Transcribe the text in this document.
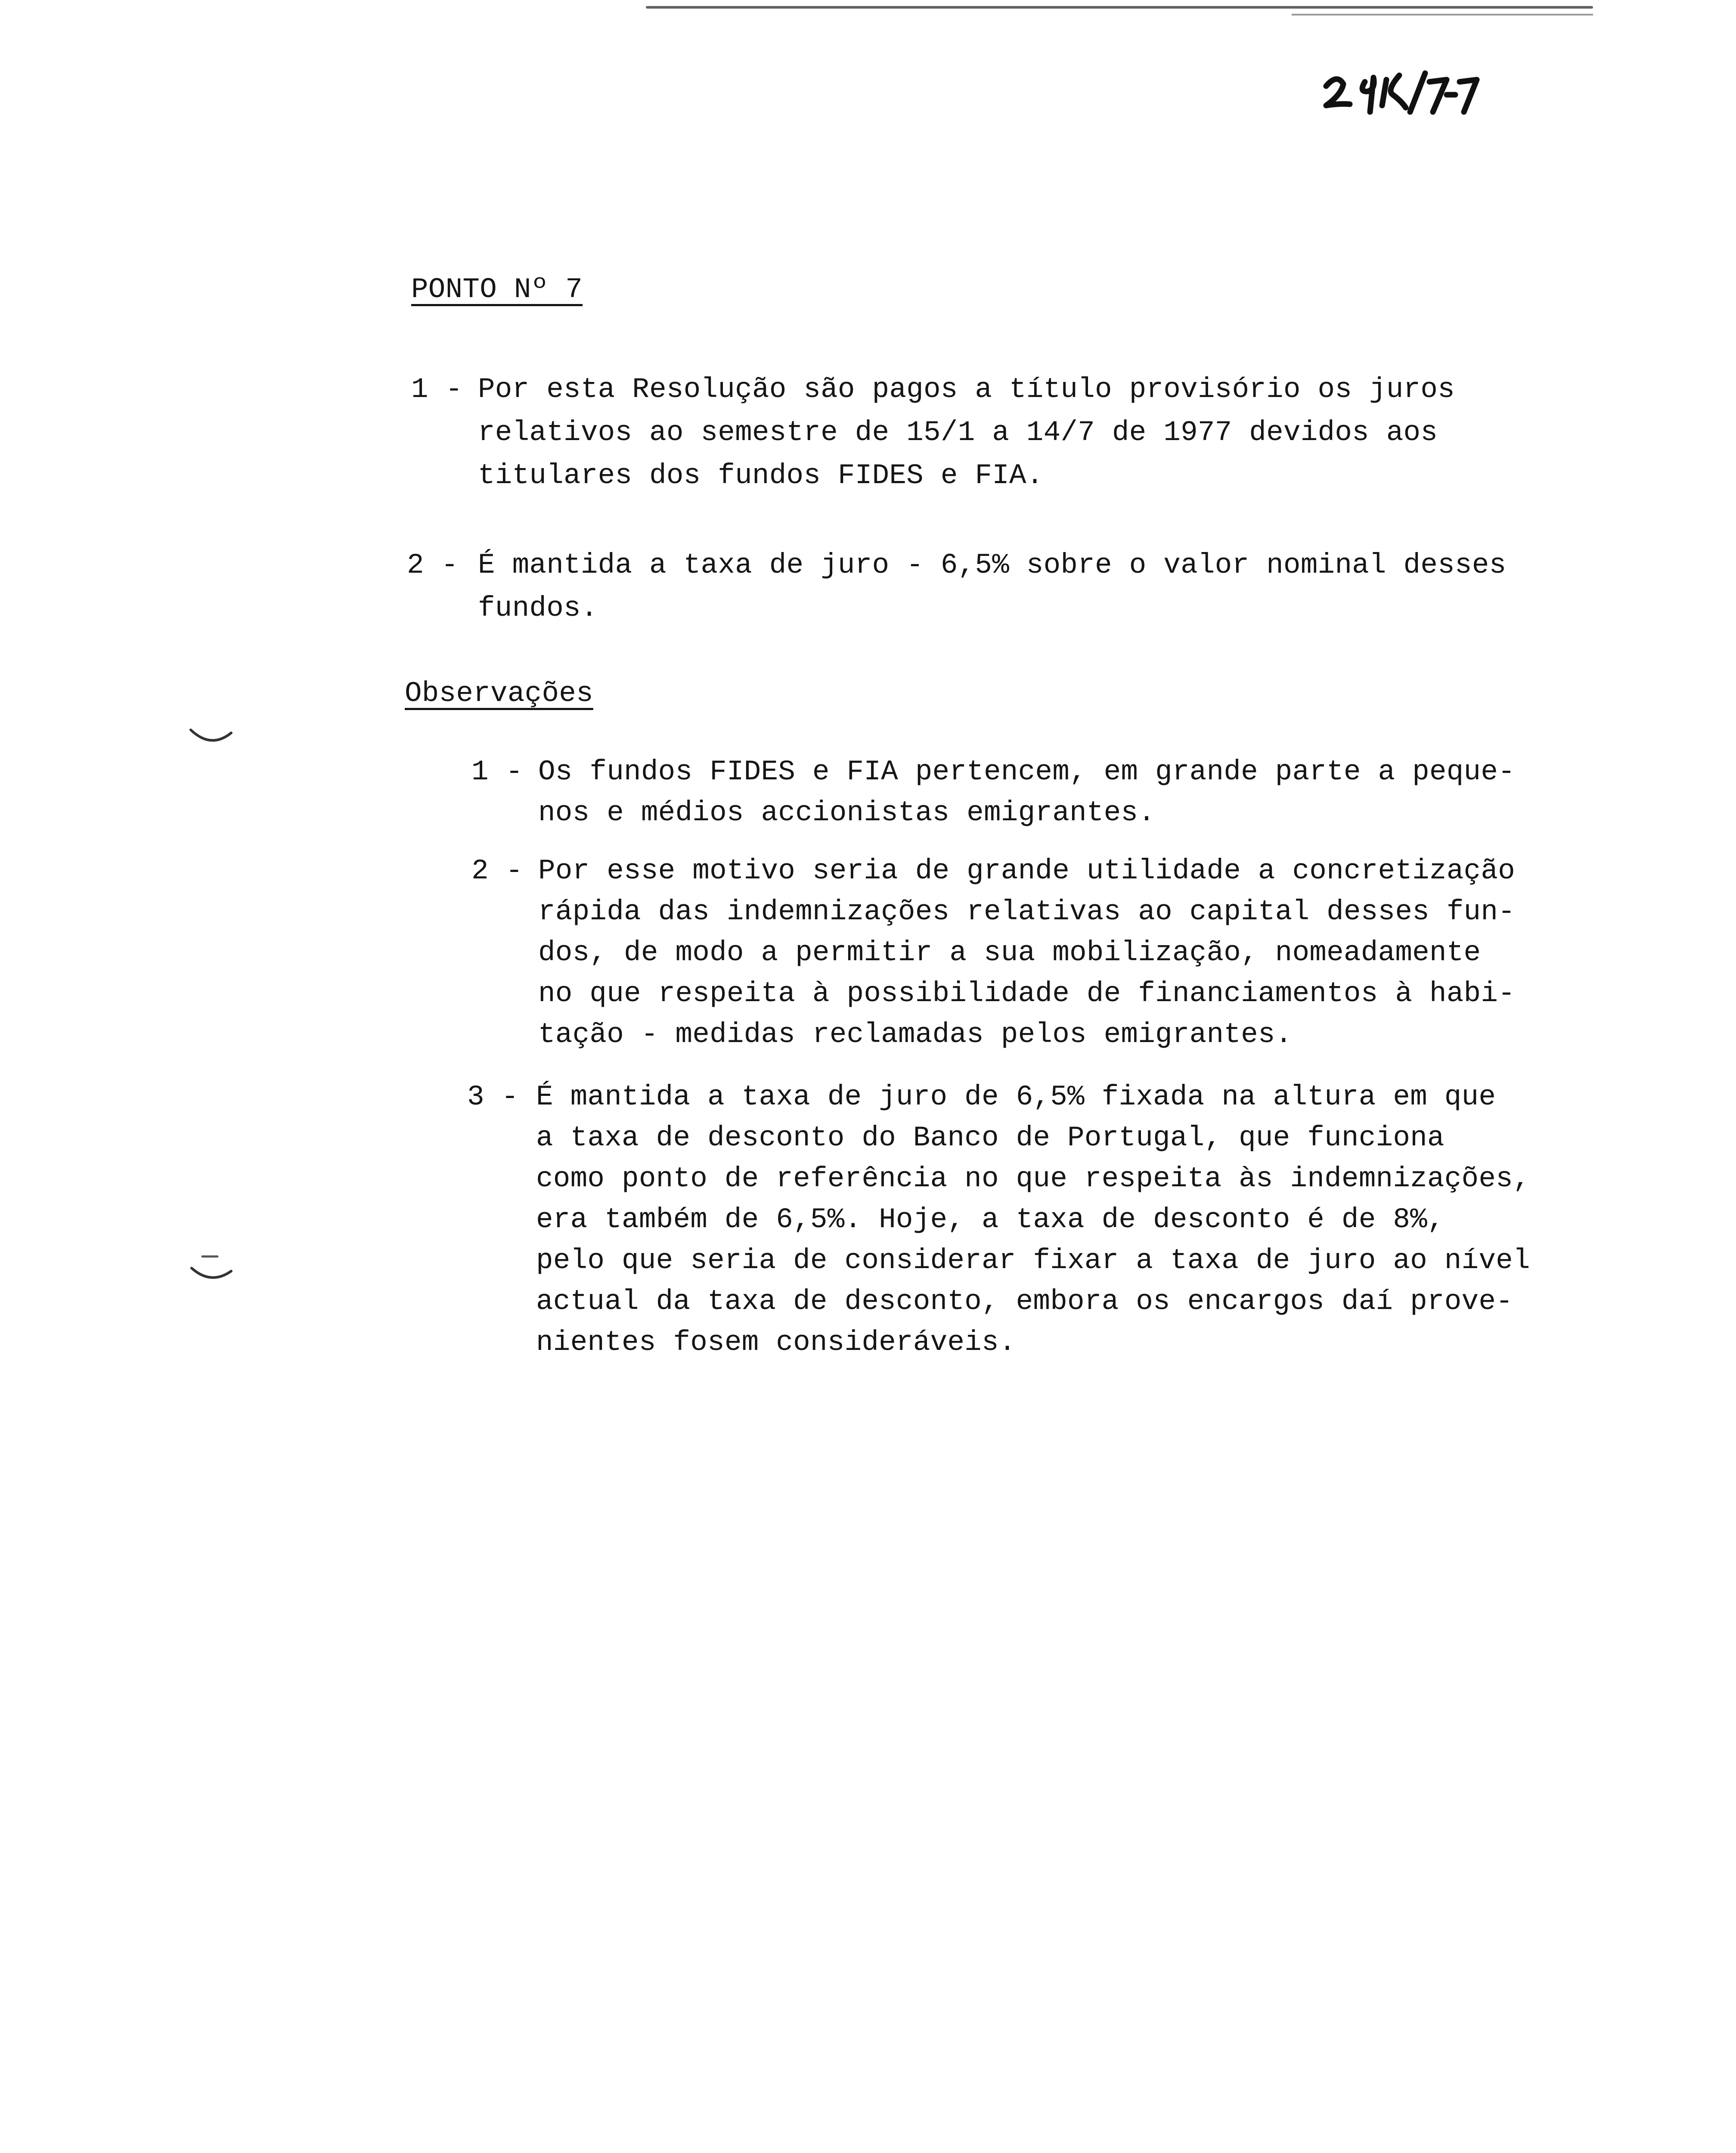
PONTO Nº 7
1 - Por esta Resolução são pagos a título provisório os juros
relativos ao semestre de 15/1 a 14/7 de 1977 devidos aos
titulares dos fundos FIDES e FIA.
2 - É mantida a taxa de juro - 6,5% sobre o valor nominal desses
fundos.
Observações
1 - Os fundos FIDES e FIA pertencem, em grande parte a peque-
nos e médios accionistas emigrantes.
2 - Por esse motivo seria de grande utilidade a concretização
rápida das indemnizações relativas ao capital desses fun-
dos, de modo a permitir a sua mobilização, nomeadamente
no que respeita à possibilidade de financiamentos à habi-
tação - medidas reclamadas pelos emigrantes.
3 - É mantida a taxa de juro de 6,5% fixada na altura em que
a taxa de desconto do Banco de Portugal, que funciona
como ponto de referência no que respeita às indemnizações,
era também de 6,5%. Hoje, a taxa de desconto é de 8%,
pelo que seria de considerar fixar a taxa de juro ao nível
actual da taxa de desconto, embora os encargos daí prove-
nientes fosem consideráveis.
